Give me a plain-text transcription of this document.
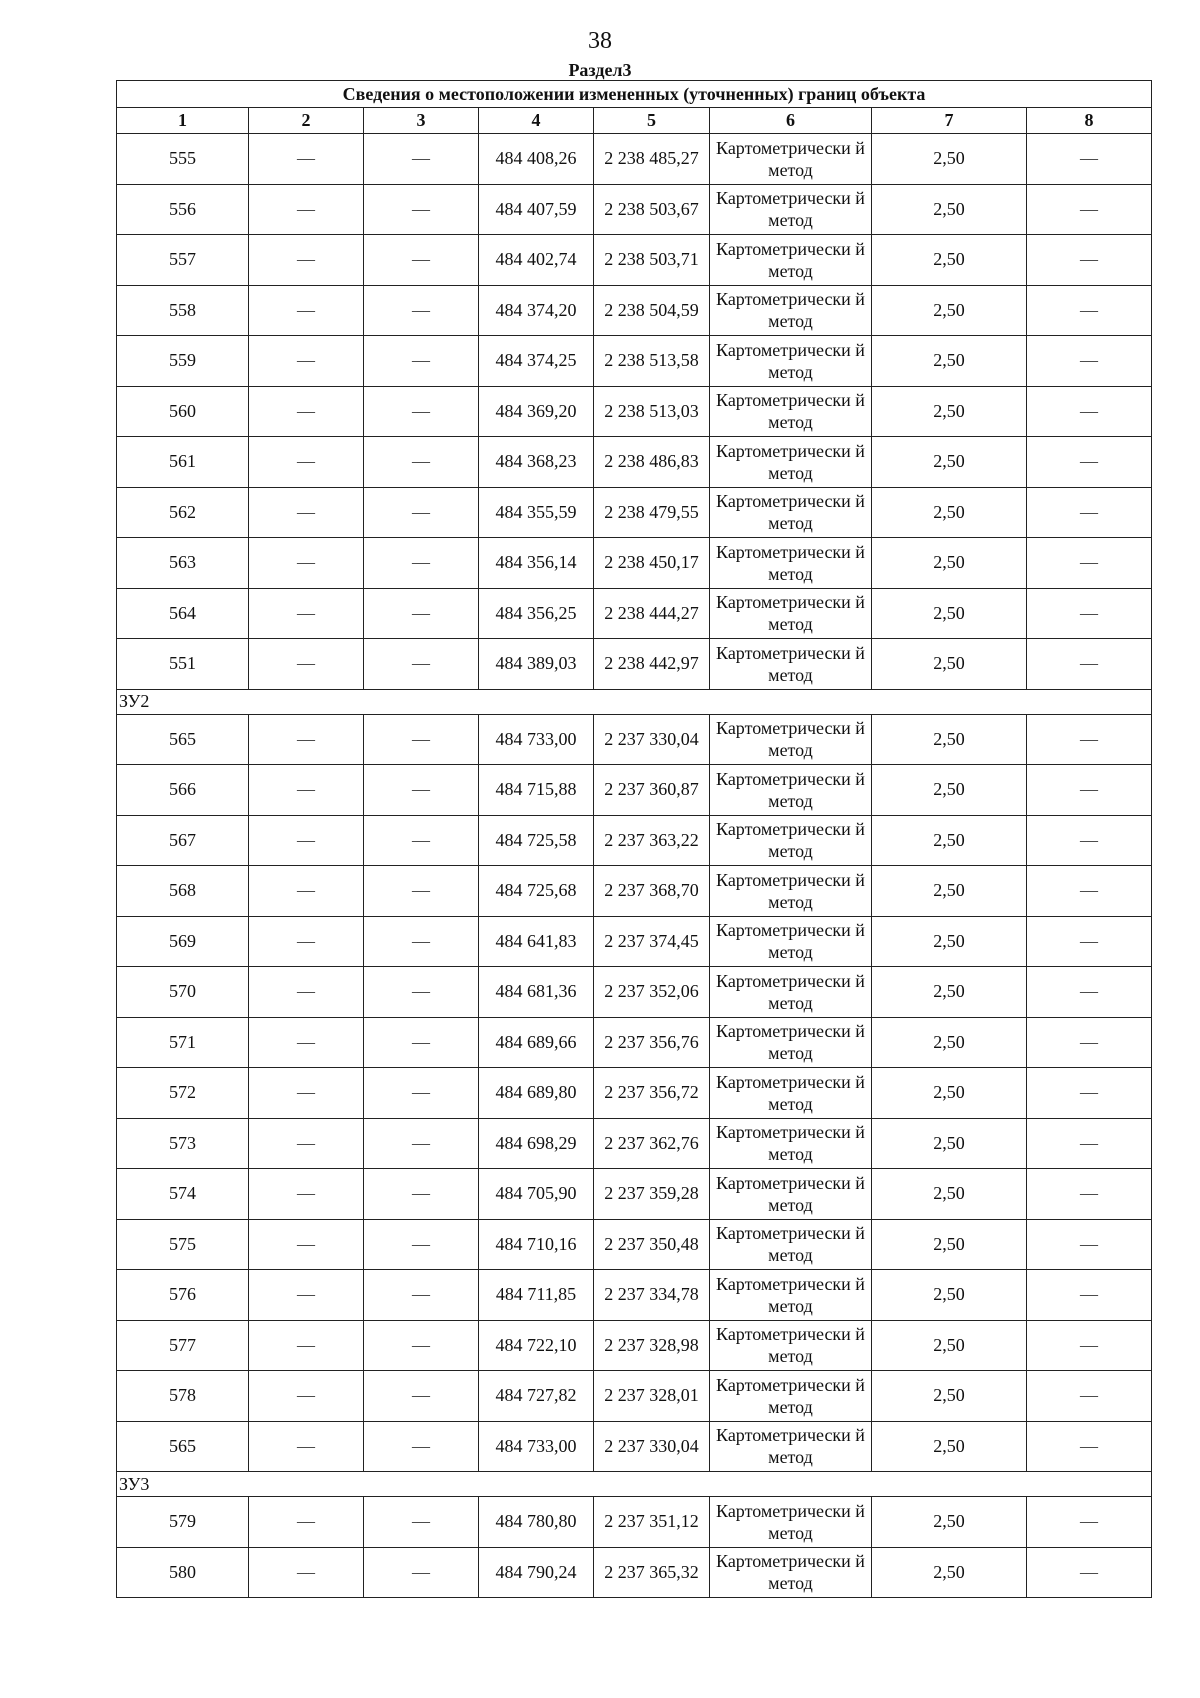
38
Раздел3
Сведения о местоположении измененных (уточненных) границ объекта							
1	2	3	4	5	6	7	8
555	—	—	484 408,26	2 238 485,27	Картометрически й метод	2,50	—
556	—	—	484 407,59	2 238 503,67	Картометрически й метод	2,50	—
557	—	—	484 402,74	2 238 503,71	Картометрически й метод	2,50	—
558	—	—	484 374,20	2 238 504,59	Картометрически й метод	2,50	—
559	—	—	484 374,25	2 238 513,58	Картометрически й метод	2,50	—
560	—	—	484 369,20	2 238 513,03	Картометрически й метод	2,50	—
561	—	—	484 368,23	2 238 486,83	Картометрически й метод	2,50	—
562	—	—	484 355,59	2 238 479,55	Картометрически й метод	2,50	—
563	—	—	484 356,14	2 238 450,17	Картометрически й метод	2,50	—
564	—	—	484 356,25	2 238 444,27	Картометрически й метод	2,50	—
551	—	—	484 389,03	2 238 442,97	Картометрически й метод	2,50	—
ЗУ2							
565	—	—	484 733,00	2 237 330,04	Картометрически й метод	2,50	—
566	—	—	484 715,88	2 237 360,87	Картометрически й метод	2,50	—
567	—	—	484 725,58	2 237 363,22	Картометрически й метод	2,50	—
568	—	—	484 725,68	2 237 368,70	Картометрически й метод	2,50	—
569	—	—	484 641,83	2 237 374,45	Картометрически й метод	2,50	—
570	—	—	484 681,36	2 237 352,06	Картометрически й метод	2,50	—
571	—	—	484 689,66	2 237 356,76	Картометрически й метод	2,50	—
572	—	—	484 689,80	2 237 356,72	Картометрически й метод	2,50	—
573	—	—	484 698,29	2 237 362,76	Картометрически й метод	2,50	—
574	—	—	484 705,90	2 237 359,28	Картометрически й метод	2,50	—
575	—	—	484 710,16	2 237 350,48	Картометрически й метод	2,50	—
576	—	—	484 711,85	2 237 334,78	Картометрически й метод	2,50	—
577	—	—	484 722,10	2 237 328,98	Картометрически й метод	2,50	—
578	—	—	484 727,82	2 237 328,01	Картометрически й метод	2,50	—
565	—	—	484 733,00	2 237 330,04	Картометрически й метод	2,50	—
ЗУ3							
579	—	—	484 780,80	2 237 351,12	Картометрически й метод	2,50	—
580	—	—	484 790,24	2 237 365,32	Картометрически й метод	2,50	—
